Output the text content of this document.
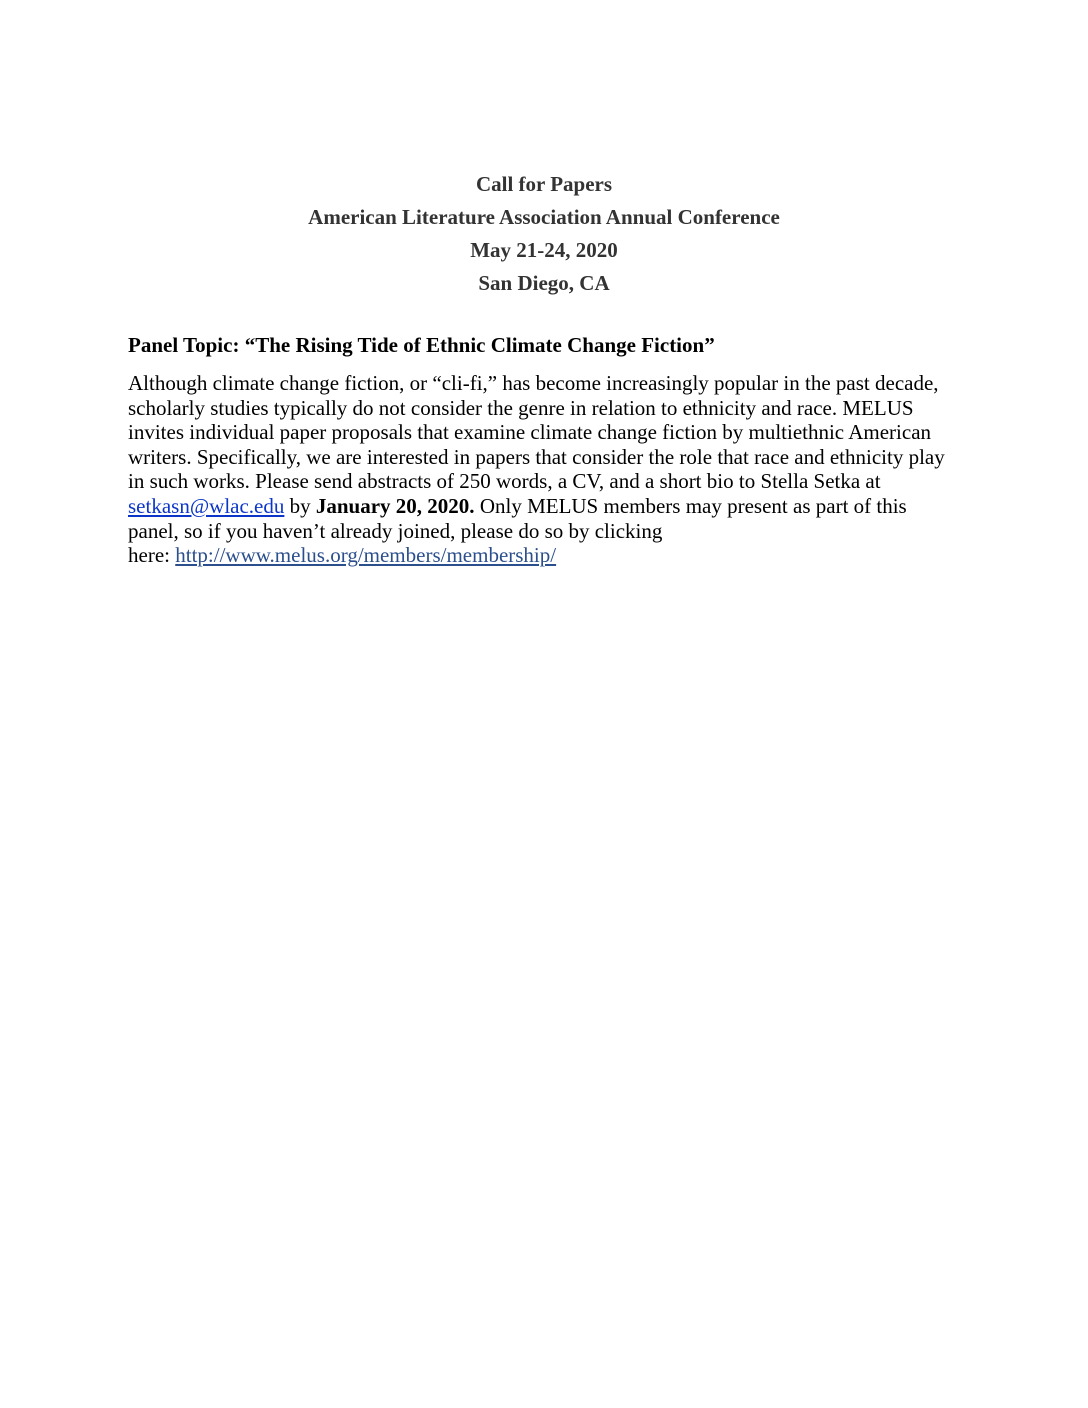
Call for Papers
American Literature Association Annual Conference
May 21-24, 2020
San Diego, CA
Panel Topic: “The Rising Tide of Ethnic Climate Change Fiction”

Although climate change fiction, or “cli-fi,” has become increasingly popular in the past decade,

scholarly studies typically do not consider the genre in relation to ethnicity and race. MELUS

invites individual paper proposals that examine climate change fiction by multiethnic American

writers. Specifically, we are interested in papers that consider the role that race and ethnicity play

in such works. Please send abstracts of 250 words, a CV, and a short bio to Stella Setka at

setkasn@wlac.edu by January 20, 2020. Only MELUS members may present as part of this

panel, so if you haven’t already joined, please do so by clicking

here: http://www.melus.org/members/membership/
